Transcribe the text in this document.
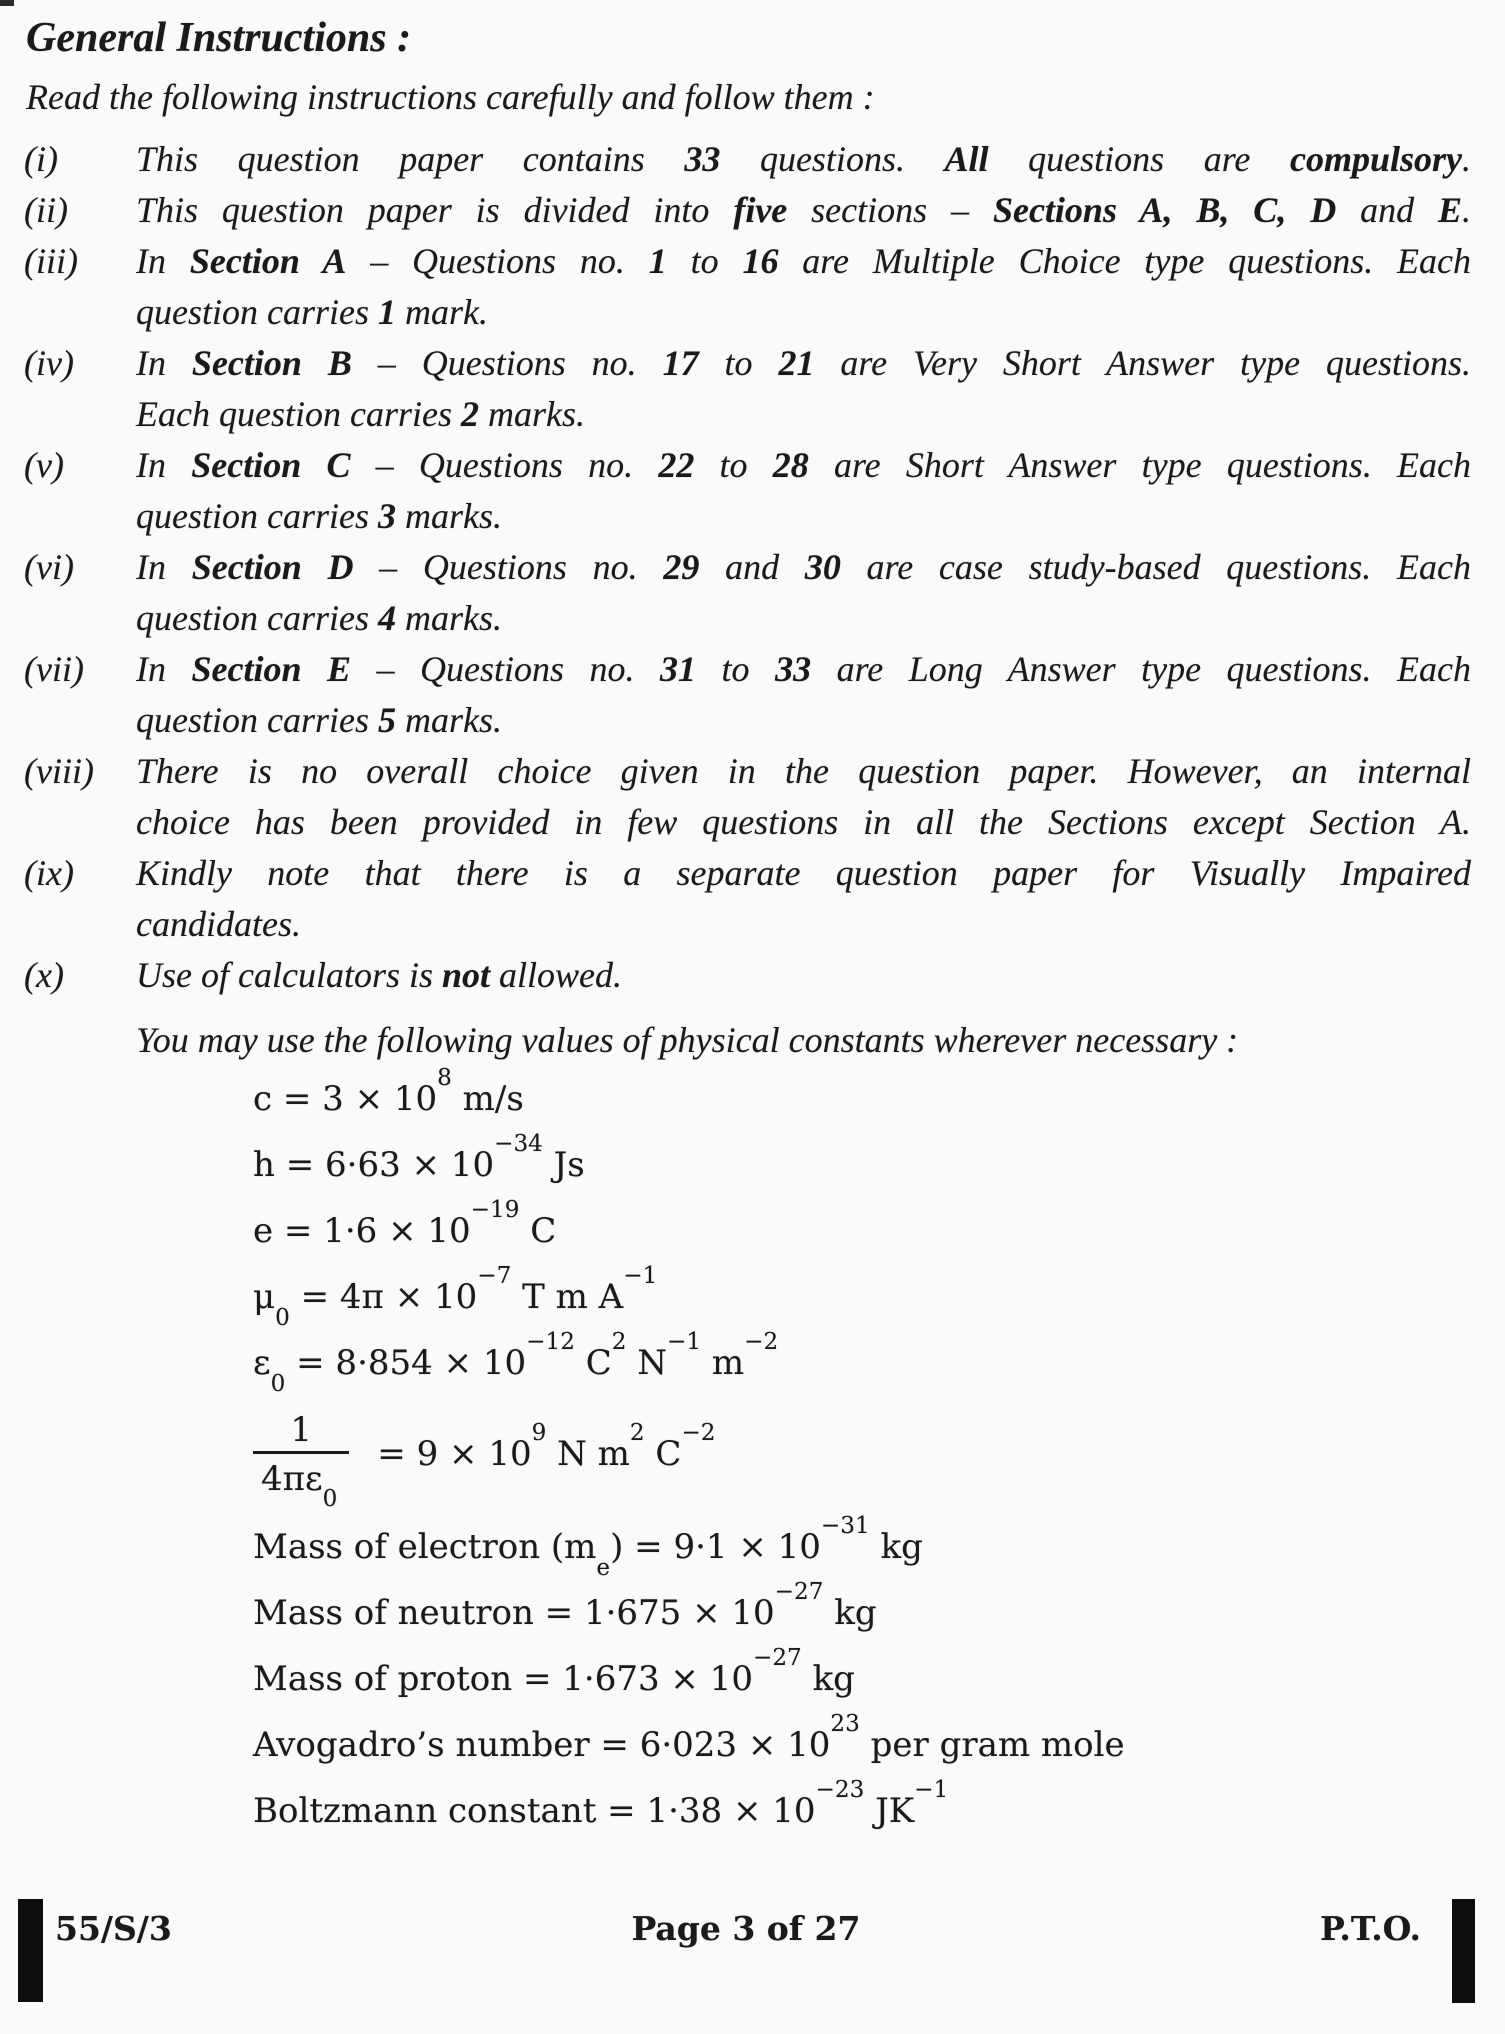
General Instructions :
Read the following instructions carefully and follow them :
(i)	This question paper contains 33 questions. All questions are compulsory.
(ii)	This question paper is divided into five sections – Sections A, B, C, D and E.
(iii)	In Section A – Questions no. 1 to 16 are Multiple Choice type questions. Each
question carries 1 mark.
(iv)	In Section B – Questions no. 17 to 21 are Very Short Answer type questions.
Each question carries 2 marks.
(v)	In Section C – Questions no. 22 to 28 are Short Answer type questions. Each
question carries 3 marks.
(vi)	In Section D – Questions no. 29 and 30 are case study-based questions. Each
question carries 4 marks.
(vii)	In Section E – Questions no. 31 to 33 are Long Answer type questions. Each
question carries 5 marks.
(viii)	There is no overall choice given in the question paper. However, an internal
choice has been provided in few questions in all the Sections except Section A.
(ix)	Kindly note that there is a separate question paper for Visually Impaired
candidates.
(x)	Use of calculators is not allowed.
You may use the following values of physical constants wherever necessary :
$c = 3 \times 10^8$ m/s
$h = 6\cdot 63 \times 10^{-34}$ Js
$e = 1\cdot 6 \times 10^{-19}$ C
$\mu_0 = 4\pi \times 10^{-7}$ T m $A^{-1}$
$\varepsilon_0 = 8\cdot 854 \times 10^{-12}$ $C^2$ $N^{-1}$ $m^{-2}$
$\frac{1}{4\pi\varepsilon_0} = 9 \times 10^9$ N $m^2$ $C^{-2}$
Mass of electron $(m_e) = 9\cdot 1 \times 10^{-31}$ kg
Mass of neutron = $1\cdot 675 \times 10^{-27}$ kg
Mass of proton = $1\cdot 673 \times 10^{-27}$ kg
Avogadro’s number = $6\cdot 023 \times 10^{23}$ per gram mole
Boltzmann constant = $1\cdot 38 \times 10^{-23}$ $JK^{-1}$
55/S/3	Page 3 of 27	P.T.O.
